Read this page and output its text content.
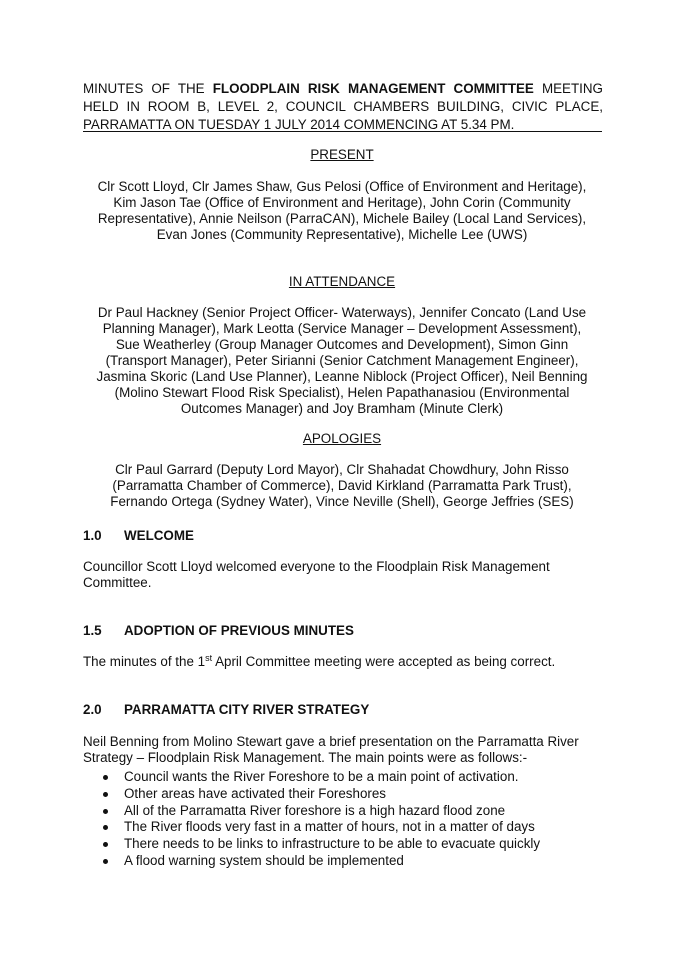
MINUTES OF THE FLOODPLAIN RISK MANAGEMENT COMMITTEE MEETING

HELD IN ROOM B, LEVEL 2, COUNCIL CHAMBERS BUILDING, CIVIC PLACE,

PARRAMATTA ON TUESDAY 1 JULY 2014 COMMENCING AT 5.34 PM.

PRESENT
Clr Scott Lloyd, Clr James Shaw, Gus Pelosi (Office of Environment and Heritage),
Kim Jason Tae (Office of Environment and Heritage), John Corin (Community
Representative), Annie Neilson (ParraCAN), Michele Bailey (Local Land Services),
Evan Jones (Community Representative), Michelle Lee (UWS)
IN ATTENDANCE
Dr Paul Hackney (Senior Project Officer- Waterways), Jennifer Concato (Land Use
Planning Manager), Mark Leotta (Service Manager – Development Assessment),
Sue Weatherley (Group Manager Outcomes and Development), Simon Ginn
(Transport Manager), Peter Sirianni (Senior Catchment Management Engineer),
Jasmina Skoric (Land Use Planner), Leanne Niblock (Project Officer), Neil Benning
(Molino Stewart Flood Risk Specialist), Helen Papathanasiou (Environmental
Outcomes Manager) and Joy Bramham (Minute Clerk)
APOLOGIES
Clr Paul Garrard (Deputy Lord Mayor), Clr Shahadat Chowdhury, John Risso
(Parramatta Chamber of Commerce), David Kirkland (Parramatta Park Trust),
Fernando Ortega (Sydney Water), Vince Neville (Shell), George Jeffries (SES)
1.0 WELCOME
Councillor Scott Lloyd welcomed everyone to the Floodplain Risk Management
Committee.
1.5 ADOPTION OF PREVIOUS MINUTES
The minutes of the 1st April Committee meeting were accepted as being correct.
2.0 PARRAMATTA CITY RIVER STRATEGY
Neil Benning from Molino Stewart gave a brief presentation on the Parramatta River
Strategy – Floodplain Risk Management. The main points were as follows:-
Council wants the River Foreshore to be a main point of activation.
Other areas have activated their Foreshores
All of the Parramatta River foreshore is a high hazard flood zone
The River floods very fast in a matter of hours, not in a matter of days
There needs to be links to infrastructure to be able to evacuate quickly
A flood warning system should be implemented
